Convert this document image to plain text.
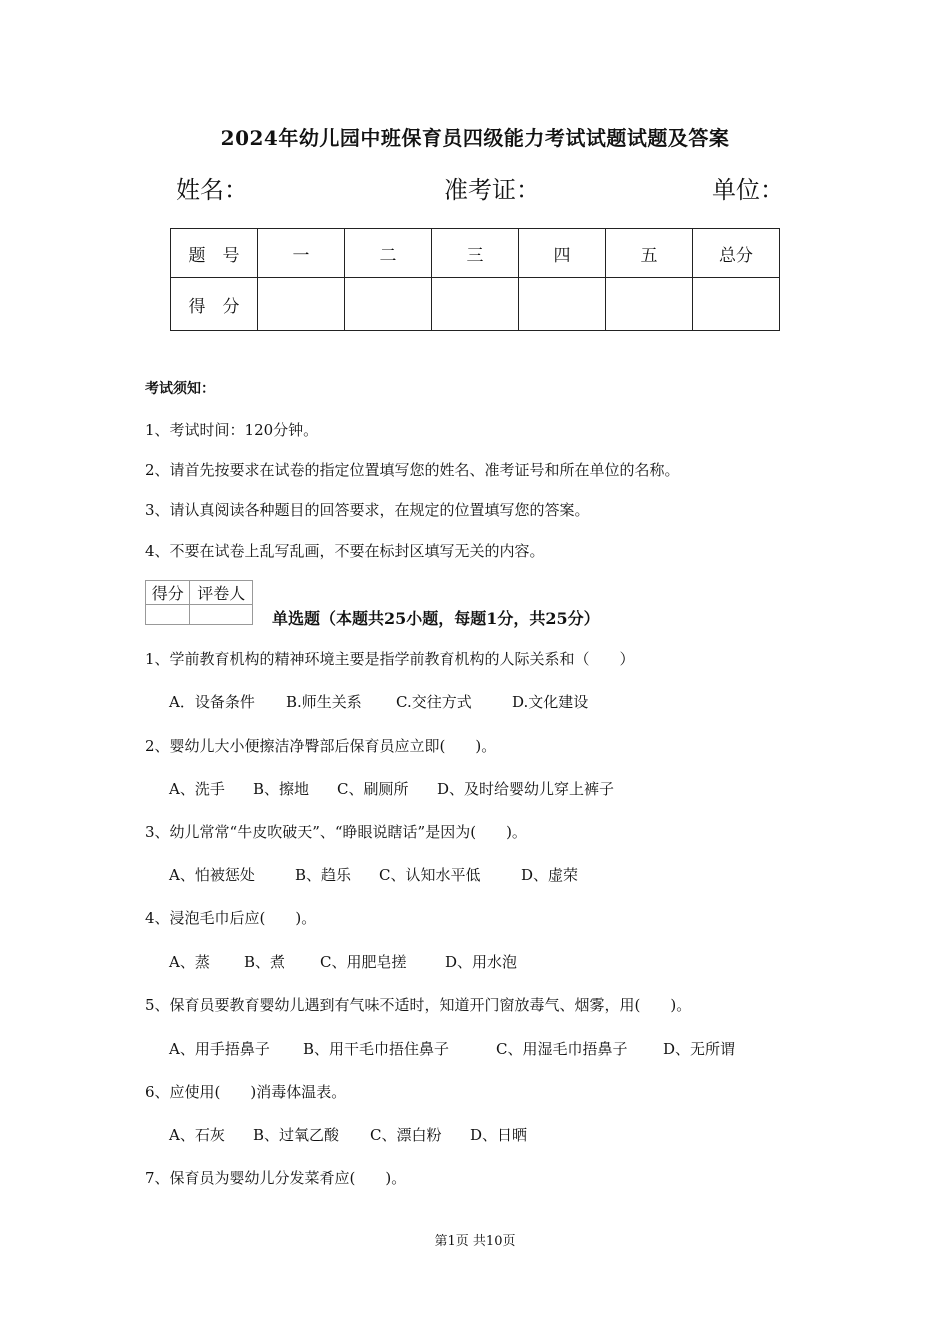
2024年幼儿园中班保育员四级能力考试试题试题及答案
姓名：	准考证：	单位：
题　号	一	二	三	四	五	总分
得　分						
考试须知：
1、考试时间：120分钟。
2、请首先按要求在试卷的指定位置填写您的姓名、准考证号和所在单位的名称。
3、请认真阅读各种题目的回答要求，在规定的位置填写您的答案。
4、不要在试卷上乱写乱画，不要在标封区填写无关的内容。
得分	评卷人

单选题（本题共25小题，每题1分，共25分）
1、学前教育机构的精神环境主要是指学前教育机构的人际关系和（　　）
A．设备条件 B.师生关系 C.交往方式	D.文化建设
2、婴幼儿大小便擦洁净臀部后保育员应立即(　　)。
A、洗手 B、擦地 C、刷厕所 D、及时给婴幼儿穿上裤子
3、幼儿常常“牛皮吹破天”、“睁眼说瞎话”是因为(　　)。
A、怕被惩处	B、趋乐 C、认知水平低	D、虚荣
4、浸泡毛巾后应(　　)。
A、蒸 B、煮 C、用肥皂搓	D、用水泡
5、保育员要教育婴幼儿遇到有气味不适时，知道开门窗放毒气、烟雾，用(　　)。
A、用手捂鼻子 B、用干毛巾捂住鼻子	C、用湿毛巾捂鼻子 D、无所谓
6、应使用(　　)消毒体温表。
A、石灰 B、过氧乙酸 C、漂白粉 D、日晒
7、保育员为婴幼儿分发菜肴应(　　)。
第1页 共10页
